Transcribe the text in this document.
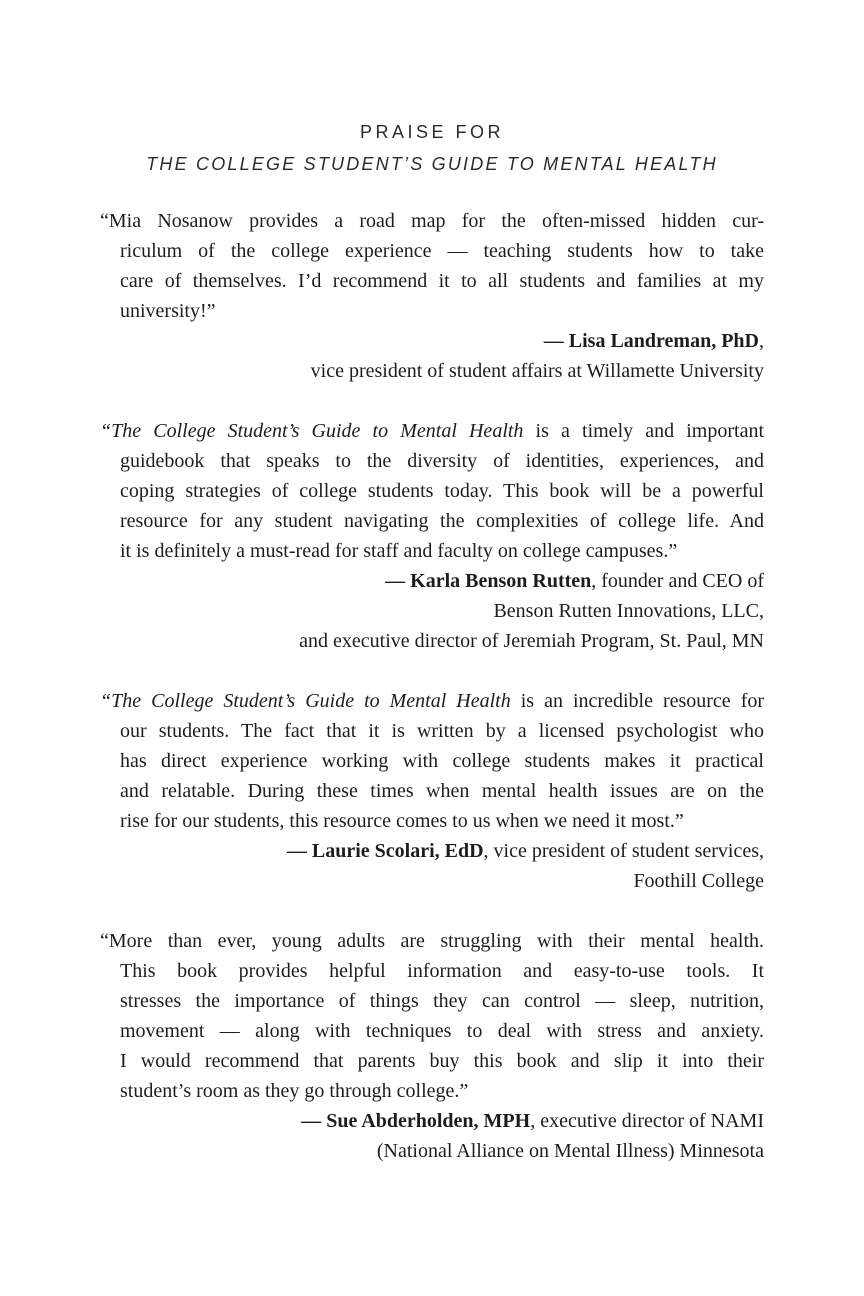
PRAISE FOR
THE COLLEGE STUDENT’S GUIDE TO MENTAL HEALTH
“Mia Nosanow provides a road map for the often-missed hidden cur-
riculum of the college experience — teaching students how to take
care of themselves. I’d recommend it to all students and families at my
university!”
— Lisa Landreman, PhD,
vice president of student affairs at Willamette University
“The College Student’s Guide to Mental Health is a timely and important
guidebook that speaks to the diversity of identities, experiences, and
coping strategies of college students today. This book will be a powerful
resource for any student navigating the complexities of college life. And
it is definitely a must-read for staff and faculty on college campuses.”
— Karla Benson Rutten, founder and CEO of
Benson Rutten Innovations, LLC,
and executive director of Jeremiah Program, St. Paul, MN
“The College Student’s Guide to Mental Health is an incredible resource for
our students. The fact that it is written by a licensed psychologist who
has direct experience working with college students makes it practical
and relatable. During these times when mental health issues are on the
rise for our students, this resource comes to us when we need it most.”
— Laurie Scolari, EdD, vice president of student services,
Foothill College
“More than ever, young adults are struggling with their mental health.
This book provides helpful information and easy-to-use tools. It
stresses the importance of things they can control — sleep, nutrition,
movement — along with techniques to deal with stress and anxiety.
I would recommend that parents buy this book and slip it into their
student’s room as they go through college.”
— Sue Abderholden, MPH, executive director of NAMI
(National Alliance on Mental Illness) Minnesota
